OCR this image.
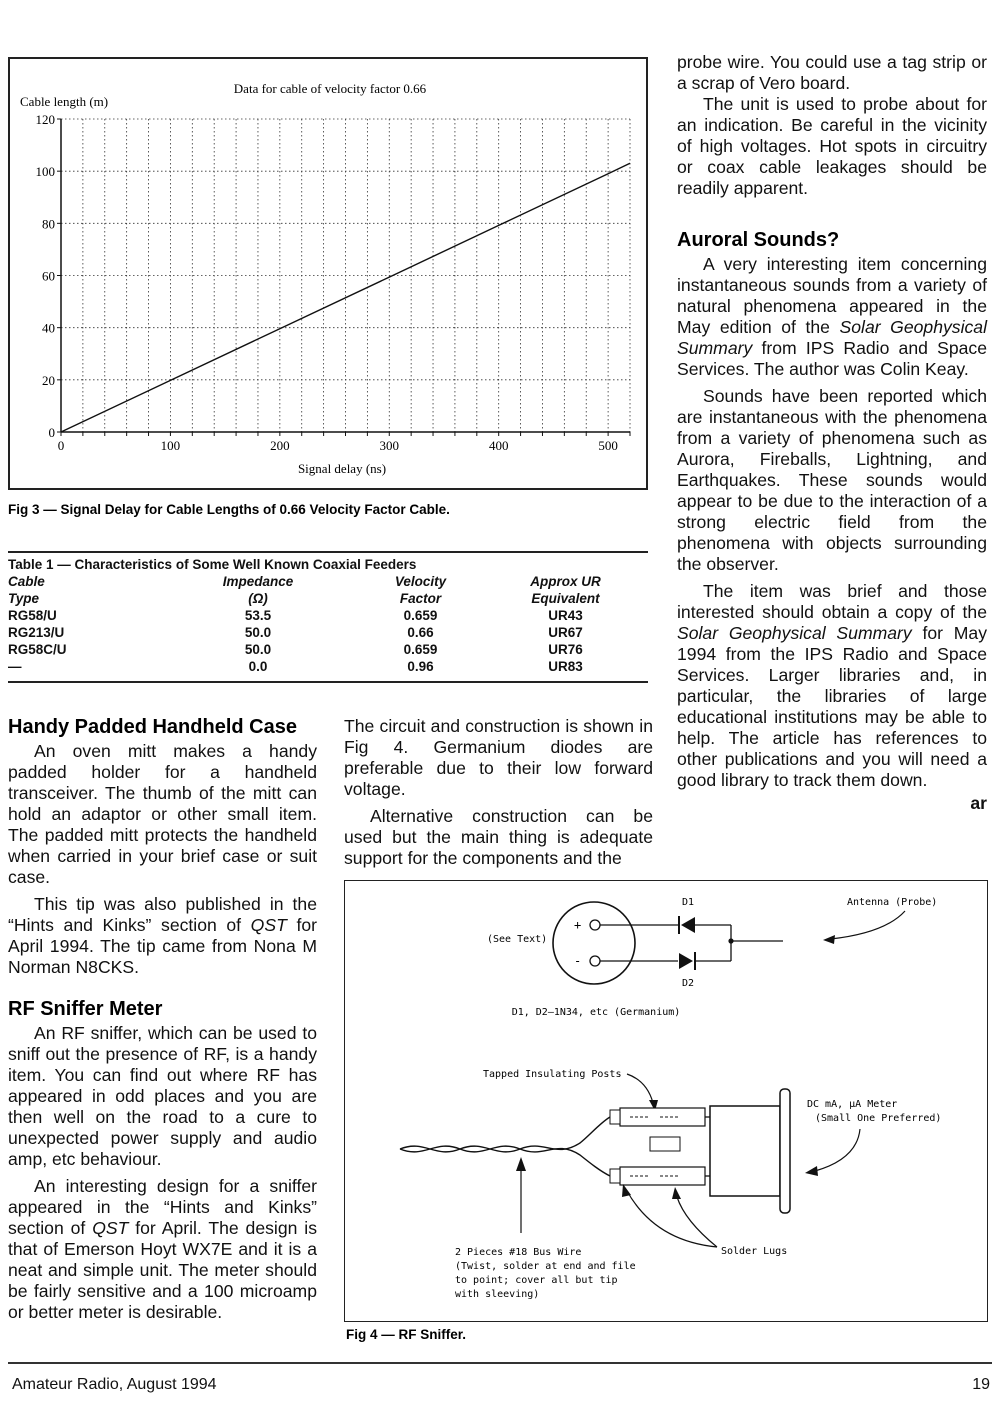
Data for cable of velocity factor 0.66
Cable length (m)
Signal delay (ns)
0
20
40
60
80
100
120
0	100	200	300	400	500
Fig 3 — Signal Delay for Cable Lengths of 0.66 Velocity Factor Cable.
Table 1 — Characteristics of Some Well Known Coaxial Feeders
Cable	Impedance	Velocity	Approx UR
Type	(Ω)	Factor	Equivalent
RG58/U	53.5	0.659	UR43
RG213/U	50.0	0.66	UR67
RG58C/U	50.0	0.659	UR76
—	0.0	0.96	UR83
Handy Padded Handheld Case

An oven mitt makes a handy padded holder for a handheld transceiver. The thumb of the mitt can hold an adaptor or other small item. The padded mitt protects the handheld when carried in your brief case or suit case.

This tip was also published in the “Hints and Kinks” section of QST for April 1994. The tip came from Nona M Norman N8CKS.

RF Sniffer Meter

An RF sniffer, which can be used to sniff out the presence of RF, is a handy item. You can find out where RF has appeared in odd places and you are then well on the road to a cure to unexpected power supply and audio amp, etc behaviour.

An interesting design for a sniffer appeared in the “Hints and Kinks” section of QST for April. The design is that of Emerson Hoyt WX7E and it is a neat and simple unit. The meter should be fairly sensitive and a 100 microamp or better meter is desirable.

The circuit and construction is shown in Fig 4. Germanium diodes are preferable due to their low forward voltage.

Alternative construction can be used but the main thing is adequate support for the components and the

probe wire. You could use a tag strip or a scrap of Vero board.

The unit is used to probe about for an indication. Be careful in the vicinity of high voltages. Hot spots in circuitry or coax cable leakages should be readily apparent.

Auroral Sounds?

A very interesting item concerning instantaneous sounds from a variety of natural phenomena appeared in the May edition of the Solar Geophysical Summary from IPS Radio and Space Services. The author was Colin Keay.

Sounds have been reported which are instantaneous with the phenomena from a variety of phenomena such as Aurora, Fireballs, Lightning, and Earthquakes. These sounds would appear to be due to the interaction of a strong electric field from the phenomena with objects surrounding the observer.

The item was brief and those interested should obtain a copy of the Solar Geophysical Summary for May 1994 from the IPS Radio and Space Services. Larger libraries and, in particular, the libraries of large educational institutions may be able to help. The article has references to other publications and you will need a good library to track them down.

ar
+
-
(See Text)
D1
D2
Antenna (Probe)
D1, D2—1N34, etc (Germanium)
Tapped Insulating Posts
DC mA, μA Meter
(Small One Preferred)
2 Pieces #18 Bus Wire
(Twist, solder at end and file
to point; cover all but tip
with sleeving)
Solder Lugs
Fig 4 — RF Sniffer.
Amateur Radio, August 1994	19
